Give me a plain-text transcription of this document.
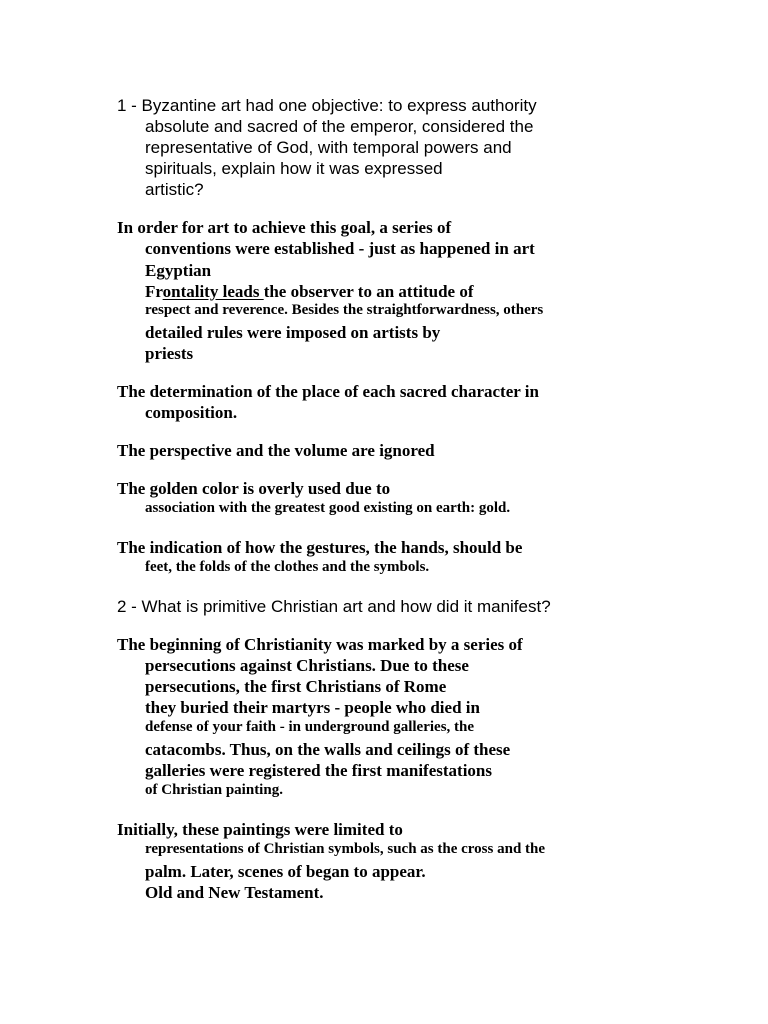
1 - Byzantine art had one objective: to express authority
absolute and sacred of the emperor, considered the
representative of God, with temporal powers and
spirituals, explain how it was expressed
artistic?
In order for art to achieve this goal, a series of
conventions were established - just as happened in art
Egyptian
Frontality leads the observer to an attitude of
respect and reverence. Besides the straightforwardness, others
detailed rules were imposed on artists by
priests
The determination of the place of each sacred character in
composition.
The perspective and the volume are ignored
The golden color is overly used due to
association with the greatest good existing on earth: gold.
The indication of how the gestures, the hands, should be
feet, the folds of the clothes and the symbols.
2 - What is primitive Christian art and how did it manifest?
The beginning of Christianity was marked by a series of
persecutions against Christians. Due to these
persecutions, the first Christians of Rome
they buried their martyrs - people who died in
defense of your faith - in underground galleries, the
catacombs. Thus, on the walls and ceilings of these
galleries were registered the first manifestations
of Christian painting.
Initially, these paintings were limited to
representations of Christian symbols, such as the cross and the
palm. Later, scenes of began to appear.
Old and New Testament.
